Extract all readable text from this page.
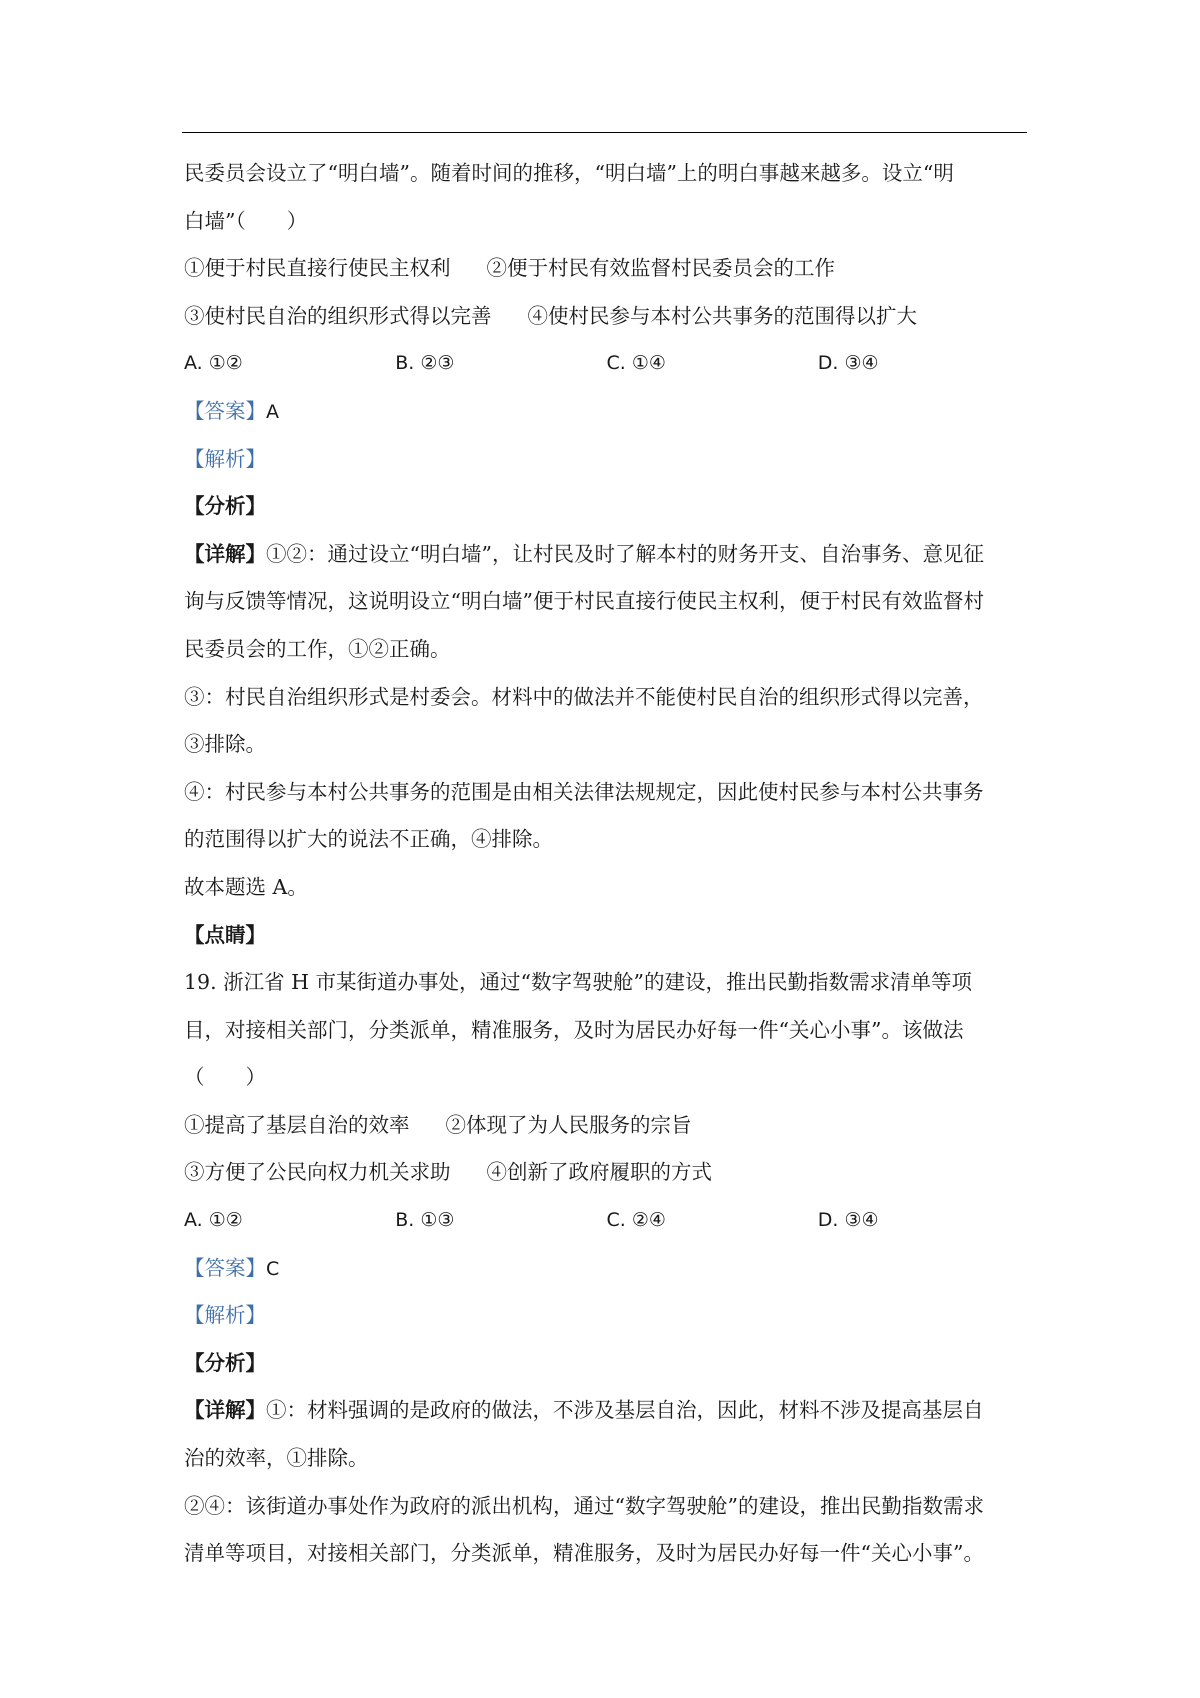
民委员会设立了“明白墙”。随着时间的推移，“明白墙”上的明白事越来越多。设立“明
白墙”（　　）
①便于村民直接行使民主权利 ②便于村民有效监督村民委员会的工作
③使村民自治的组织形式得以完善 ④使村民参与本村公共事务的范围得以扩大
A. ①②	B. ②③	C. ①④	D. ③④
【答案】A
【解析】
【分析】
【详解】①②：通过设立“明白墙”，让村民及时了解本村的财务开支、自治事务、意见征
询与反馈等情况，这说明设立“明白墙”便于村民直接行使民主权利，便于村民有效监督村
民委员会的工作，①②正确。
③：村民自治组织形式是村委会。材料中的做法并不能使村民自治的组织形式得以完善，
③排除。
④：村民参与本村公共事务的范围是由相关法律法规规定，因此使村民参与本村公共事务
的范围得以扩大的说法不正确，④排除。
故本题选 A。
【点睛】
19. 浙江省 H 市某街道办事处，通过“数字驾驶舱”的建设，推出民勤指数需求清单等项
目，对接相关部门，分类派单，精准服务，及时为居民办好每一件“关心小事”。该做法
（　　）
①提高了基层自治的效率 ②体现了为人民服务的宗旨
③方便了公民向权力机关求助 ④创新了政府履职的方式
A. ①②	B. ①③	C. ②④	D. ③④
【答案】C
【解析】
【分析】
【详解】①：材料强调的是政府的做法，不涉及基层自治，因此，材料不涉及提高基层自
治的效率，①排除。
②④：该街道办事处作为政府的派出机构，通过“数字驾驶舱”的建设，推出民勤指数需求
清单等项目，对接相关部门，分类派单，精准服务，及时为居民办好每一件“关心小事”。
